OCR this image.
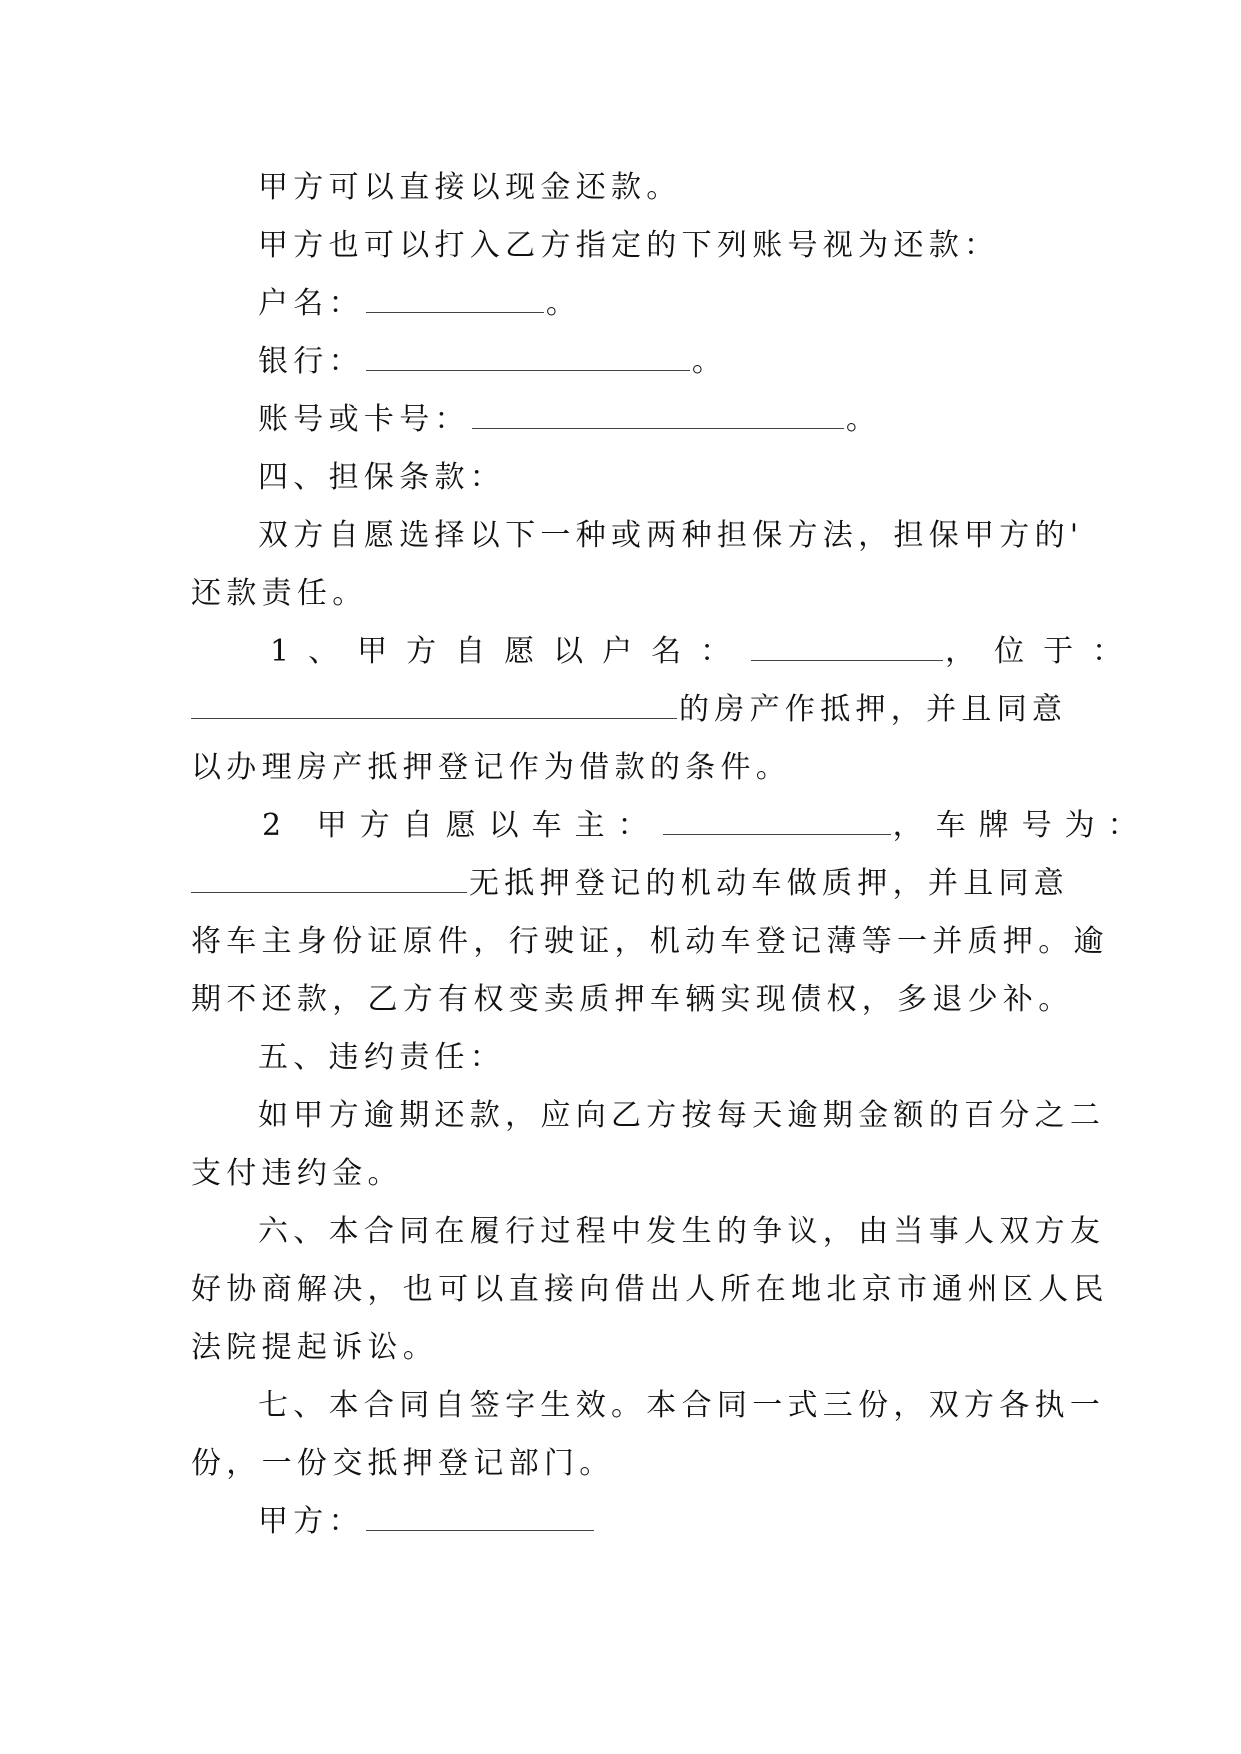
甲方可以直接以现金还款。
甲方也可以打入乙方指定的下列账号视为还款：
户名：	。
银行：	。
账号或卡号：	。
四、担保条款：
双方自愿选择以下一种或两种担保方法，担保甲方的'
还款责任。
1、甲方自愿以户名：	，位于：
的房产作抵押，并且同意
以办理房产抵押登记作为借款的条件。
2 甲方自愿以车主：	，车牌号为：
无抵押登记的机动车做质押，并且同意
将车主身份证原件，行驶证，机动车登记薄等一并质押。逾
期不还款，乙方有权变卖质押车辆实现债权，多退少补。
五、违约责任：
如甲方逾期还款，应向乙方按每天逾期金额的百分之二
支付违约金。
六、本合同在履行过程中发生的争议，由当事人双方友
好协商解决，也可以直接向借出人所在地北京市通州区人民
法院提起诉讼。
七、本合同自签字生效。本合同一式三份，双方各执一
份，一份交抵押登记部门。
甲方：
